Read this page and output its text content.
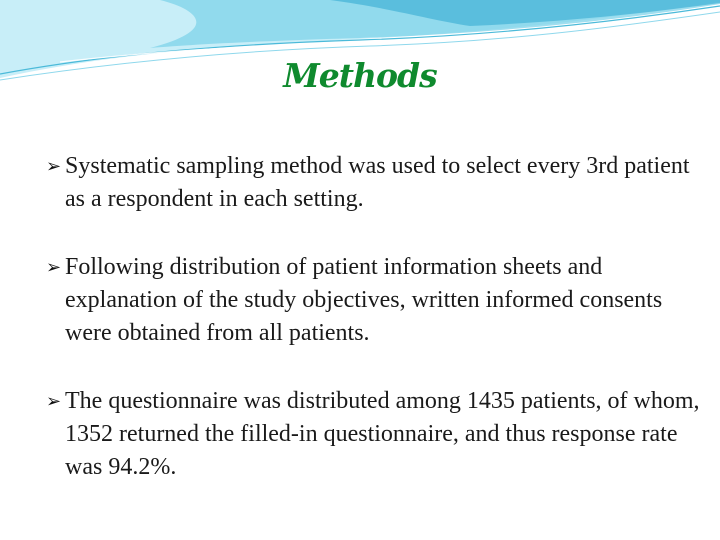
Methods
➢ Systematic sampling method was used to select every 3rd patient as a respondent in each setting.
➢ Following distribution of patient information sheets and explanation of the study objectives, written informed consents were obtained from all patients.
➢ The questionnaire was distributed among 1435 patients, of whom, 1352 returned the filled-in questionnaire, and thus response rate was 94.2%.
